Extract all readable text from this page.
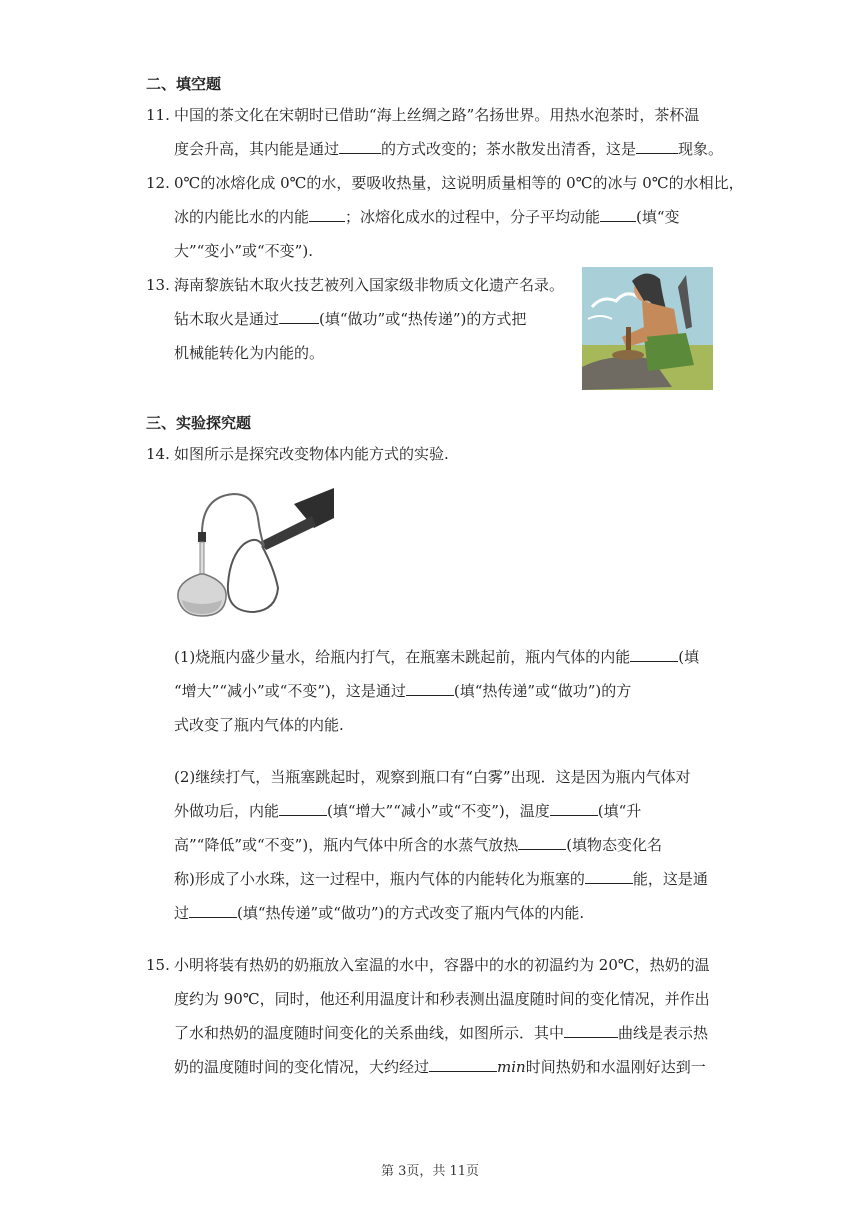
二、填空题
11. 中国的茶文化在宋朝时已借助“海上丝绸之路”名扬世界。用热水泡茶时，茶杯温
度会升高，其内能是通过	的方式改变的；茶水散发出清香，这是	现象。
12. 0℃的冰熔化成 0℃的水，要吸收热量，这说明质量相等的 0℃的冰与 0℃的水相比，
冰的内能比水的内能 ；冰熔化成水的过程中，分子平均动能 (填“变
大”“变小”或“不变”).
13. 海南黎族钻木取火技艺被列入国家级非物质文化遗产名录。
钻木取火是通过	(填“做功”或“热传递”)的方式把
机械能转化为内能的。
三、实验探究题
14. 如图所示是探究改变物体内能方式的实验.
(1)烧瓶内盛少量水，给瓶内打气，在瓶塞未跳起前，瓶内气体的内能	(填
“增大”“减小”或“不变”)，这是通过	(填“热传递”或“做功”)的方
式改变了瓶内气体的内能.
(2)继续打气，当瓶塞跳起时，观察到瓶口有“白雾”出现．这是因为瓶内气体对
外做功后，内能	(填“增大”“减小”或“不变”)，温度	(填“升
高”“降低”或“不变”)，瓶内气体中所含的水蒸气放热	(填物态变化名
称)形成了小水珠，这一过程中，瓶内气体的内能转化为瓶塞的	能，这是通
过	(填“热传递”或“做功”)的方式改变了瓶内气体的内能.
15. 小明将装有热奶的奶瓶放入室温的水中，容器中的水的初温约为 20℃，热奶的温
度约为 90℃，同时，他还利用温度计和秒表测出温度随时间的变化情况，并作出
了水和热奶的温度随时间变化的关系曲线，如图所示．其中	曲线是表示热
奶的温度随时间的变化情况，大约经过	min时间热奶和水温刚好达到一
第 3页，共 11页
